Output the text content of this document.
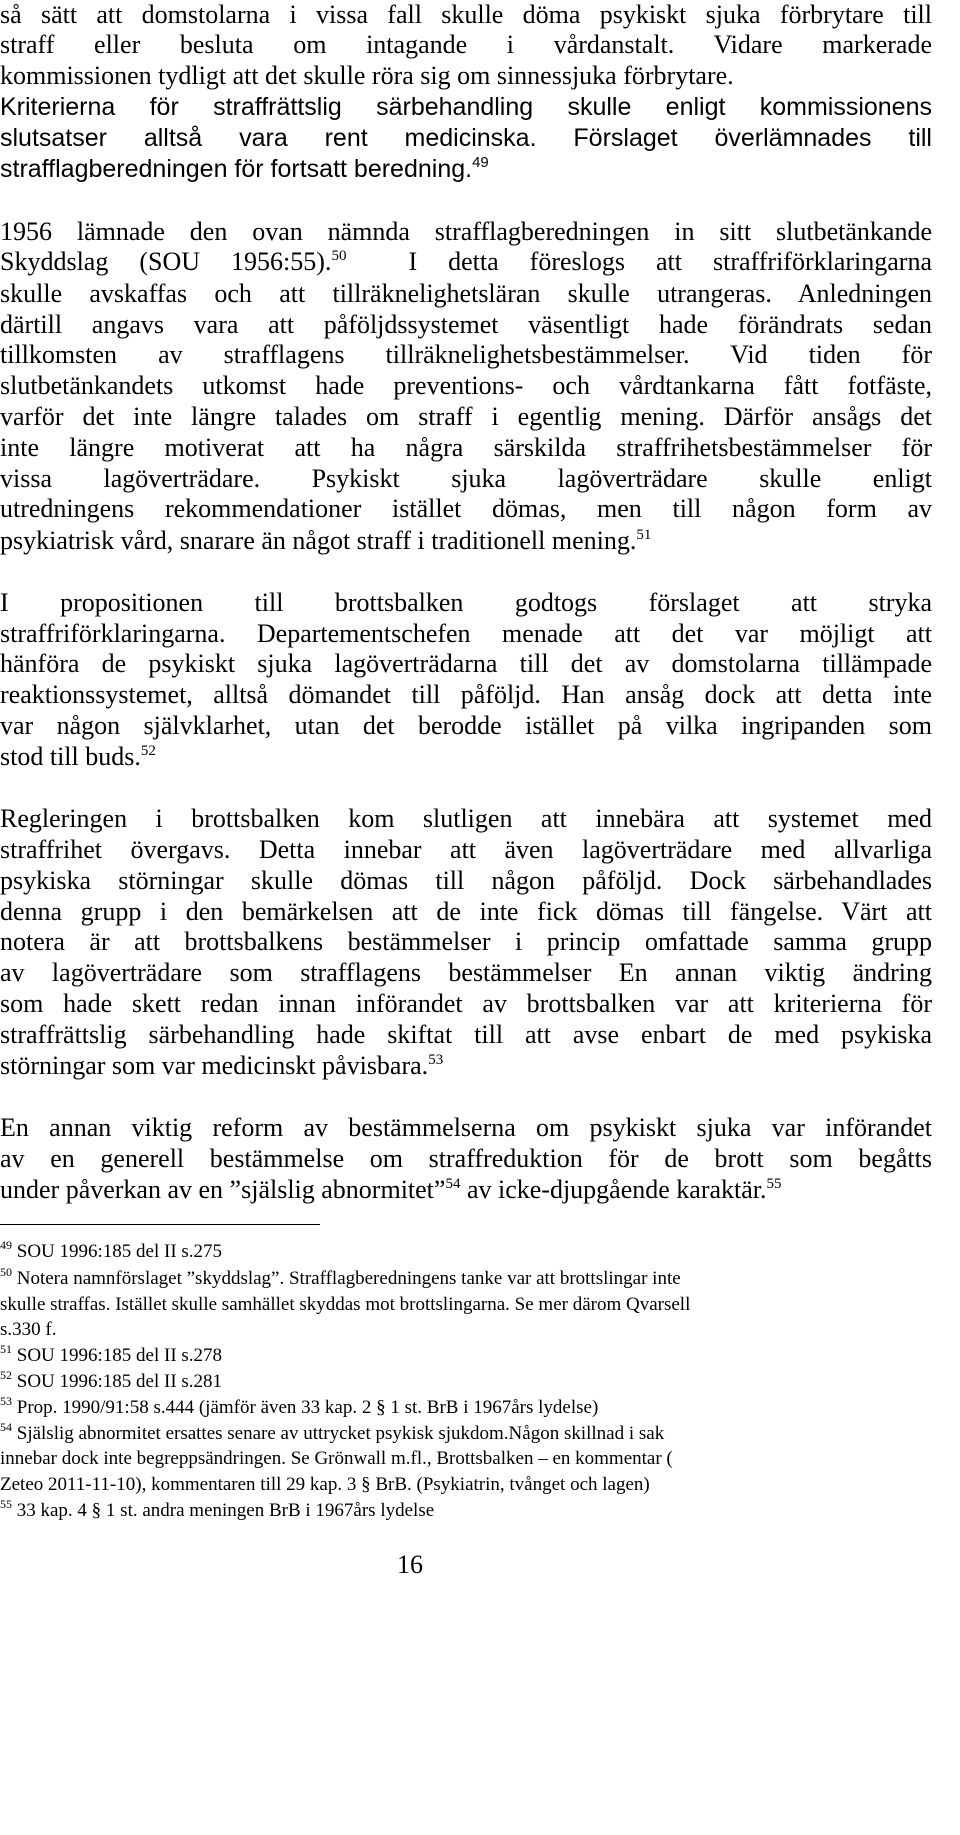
så sätt att domstolarna i vissa fall skulle döma psykiskt sjuka förbrytare till

straff eller besluta om intagande i vårdanstalt. Vidare markerade

kommissionen tydligt att det skulle röra sig om sinnessjuka förbrytare.

Kriterierna för straffrättslig särbehandling skulle enligt kommissionens

slutsatser alltså vara rent medicinska. Förslaget överlämnades till

strafflagberedningen för fortsatt beredning.$^{49}$

1956 lämnade den ovan nämnda strafflagberedningen in sitt slutbetänkande

Skyddslag (SOU 1956:55).$^{50}$ I detta föreslogs att straffriförklaringarna

skulle avskaffas och att tillräknelighetsläran skulle utrangeras. Anledningen

därtill angavs vara att påföljdssystemet väsentligt hade förändrats sedan

tillkomsten av strafflagens tillräknelighetsbestämmelser. Vid tiden för

slutbetänkandets utkomst hade preventions- och vårdtankarna fått fotfäste,

varför det inte längre talades om straff i egentlig mening. Därför ansågs det

inte längre motiverat att ha några särskilda straffrihetsbestämmelser för

vissa lagöverträdare. Psykiskt sjuka lagöverträdare skulle enligt

utredningens rekommendationer istället dömas, men till någon form av

psykiatrisk vård, snarare än något straff i traditionell mening.$^{51}$

I propositionen till brottsbalken godtogs förslaget att stryka

straffriförklaringarna. Departementschefen menade att det var möjligt att

hänföra de psykiskt sjuka lagöverträdarna till det av domstolarna tillämpade

reaktionssystemet, alltså dömandet till påföljd. Han ansåg dock att detta inte

var någon självklarhet, utan det berodde istället på vilka ingripanden som

stod till buds.$^{52}$

Regleringen i brottsbalken kom slutligen att innebära att systemet med

straffrihet övergavs. Detta innebar att även lagöverträdare med allvarliga

psykiska störningar skulle dömas till någon påföljd. Dock särbehandlades

denna grupp i den bemärkelsen att de inte fick dömas till fängelse. Värt att

notera är att brottsbalkens bestämmelser i princip omfattade samma grupp

av lagöverträdare som strafflagens bestämmelser En annan viktig ändring

som hade skett redan innan införandet av brottsbalken var att kriterierna för

straffrättslig särbehandling hade skiftat till att avse enbart de med psykiska

störningar som var medicinskt påvisbara.$^{53}$

En annan viktig reform av bestämmelserna om psykiskt sjuka var införandet

av en generell bestämmelse om straffreduktion för de brott som begåtts

under påverkan av en ”själslig abnormitet”$^{54}$ av icke-djupgående karaktär.$^{55}$

$^{49}$ SOU 1996:185 del II s.275

$^{50}$ Notera namnförslaget ”skyddslag”. Strafflagberedningens tanke var att brottslingar inte

skulle straffas. Istället skulle samhället skyddas mot brottslingarna. Se mer därom Qvarsell

s.330 f.

$^{51}$ SOU 1996:185 del II s.278

$^{52}$ SOU 1996:185 del II s.281

$^{53}$ Prop. 1990/91:58 s.444 (jämför även 33 kap. 2 § 1 st. BrB i 1967års lydelse)

$^{54}$ Själslig abnormitet ersattes senare av uttrycket psykisk sjukdom.Någon skillnad i sak

innebar dock inte begreppsändringen. Se Grönwall m.fl., Brottsbalken – en kommentar (

Zeteo 2011-11-10), kommentaren till 29 kap. 3 § BrB. (Psykiatrin, tvånget och lagen)

$^{55}$ 33 kap. 4 § 1 st. andra meningen BrB i 1967års lydelse

16
